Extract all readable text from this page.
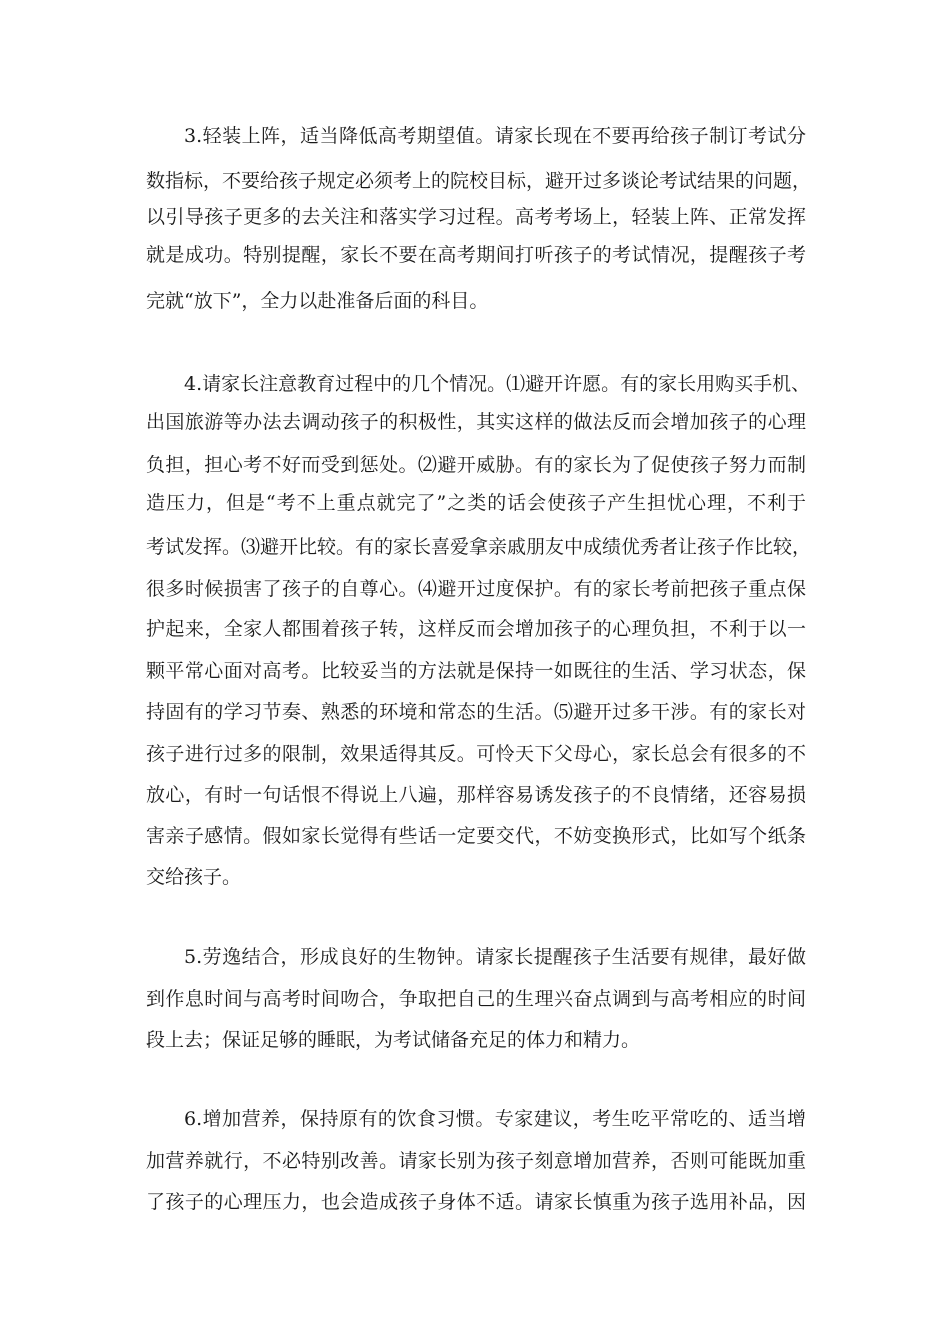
3.轻装上阵，适当降低高考期望值。请家长现在不要再给孩子制订考试分
数指标，不要给孩子规定必须考上的院校目标，避开过多谈论考试结果的问题，
以引导孩子更多的去关注和落实学习过程。高考考场上，轻装上阵、正常发挥
就是成功。特别提醒，家长不要在高考期间打听孩子的考试情况，提醒孩子考
完就“放下”，全力以赴准备后面的科目。
4.请家长注意教育过程中的几个情况。⑴避开许愿。有的家长用购买手机、
出国旅游等办法去调动孩子的积极性，其实这样的做法反而会增加孩子的心理
负担，担心考不好而受到惩处。⑵避开威胁。有的家长为了促使孩子努力而制
造压力，但是“考不上重点就完了”之类的话会使孩子产生担忧心理，不利于
考试发挥。⑶避开比较。有的家长喜爱拿亲戚朋友中成绩优秀者让孩子作比较，
很多时候损害了孩子的自尊心。⑷避开过度保护。有的家长考前把孩子重点保
护起来，全家人都围着孩子转，这样反而会增加孩子的心理负担，不利于以一
颗平常心面对高考。比较妥当的方法就是保持一如既往的生活、学习状态，保
持固有的学习节奏、熟悉的环境和常态的生活。⑸避开过多干涉。有的家长对
孩子进行过多的限制，效果适得其反。可怜天下父母心，家长总会有很多的不
放心，有时一句话恨不得说上八遍，那样容易诱发孩子的不良情绪，还容易损
害亲子感情。假如家长觉得有些话一定要交代，不妨变换形式，比如写个纸条
交给孩子。
5.劳逸结合，形成良好的生物钟。请家长提醒孩子生活要有规律，最好做
到作息时间与高考时间吻合，争取把自己的生理兴奋点调到与高考相应的时间
段上去；保证足够的睡眠，为考试储备充足的体力和精力。
6.增加营养，保持原有的饮食习惯。专家建议，考生吃平常吃的、适当增
加营养就行，不必特别改善。请家长别为孩子刻意增加营养，否则可能既加重
了孩子的心理压力，也会造成孩子身体不适。请家长慎重为孩子选用补品，因
